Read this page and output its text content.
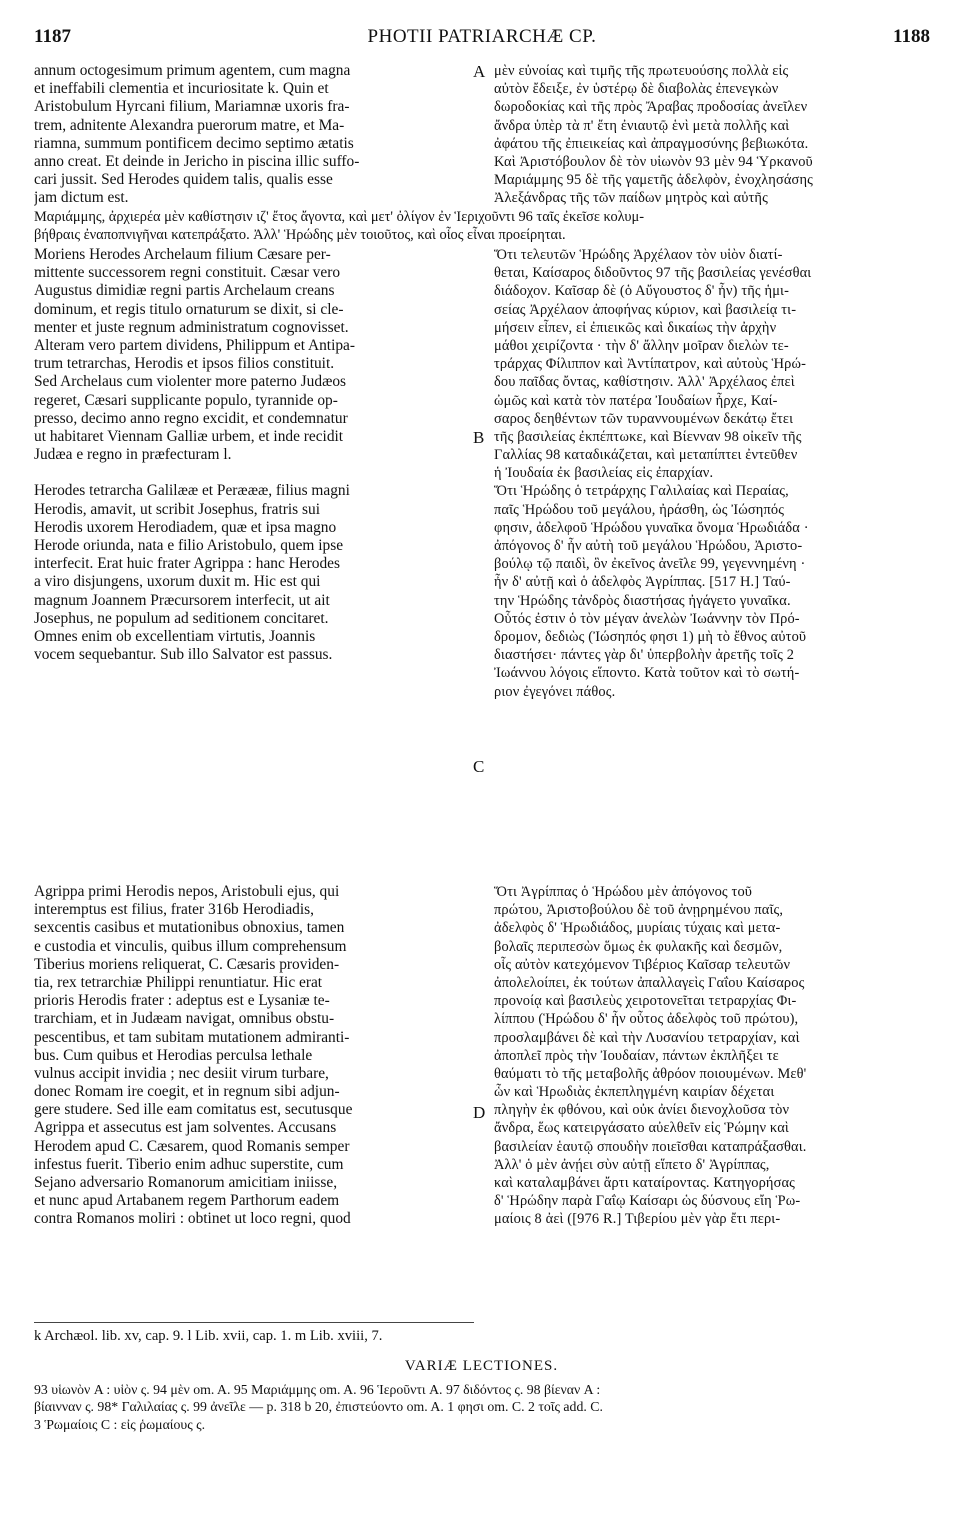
1187	PHOTII PATRIARCHÆ CP.	1188
annum octogesimum primum agentem, cum magna
et ineffabili clementia et incuriositate k. Quin et
Aristobulum Hyrcani filium, Mariamnæ uxoris fra-
trem, adnitente Alexandra puerorum matre, et Ma-
riamna, summum pontificem decimo septimo ætatis
anno creat. Et deinde in Jericho in piscina illic suffo-
cari jussit. Sed Herodes quidem talis, qualis esse
jam dictum est.
μὲν εὐνοίας καὶ τιμῆς τῆς πρωτευούσης πολλὰ εἰς
αὐτὸν ἔδειξε, ἐν ὑστέρῳ δὲ διαβολὰς ἐπενεγκὼν
δωροδοκίας καὶ τῆς πρὸς Ἄραβας προδοσίας ἀνεῖλεν
ἄνδρα ὑπὲρ τὰ π' ἔτη ἐνιαυτῷ ἑνὶ μετὰ πολλῆς καὶ
ἀφάτου τῆς ἐπιεικείας καὶ ἀπραγμοσύνης βεβιωκότα.
Καὶ Ἀριστόβουλον δὲ τὸν υἱωνὸν 93 μὲν 94 Ὑρκανοῦ
Μαριάμμης 95 δὲ τῆς γαμετῆς ἀδελφὸν, ἐνοχλησάσης
Ἀλεξάνδρας τῆς τῶν παίδων μητρὸς καὶ αὐτῆς
Μαριάμμης, ἀρχιερέα μὲν καθίστησιν ιζ' ἔτος ἄγοντα, καὶ μετ' ὀλίγον ἐν Ἱεριχοῦντι 96 ταῖς ἐκεῖσε κολυμ-
βήθραις ἐναποπνιγῆναι κατεπράξατο. Ἀλλ' Ἡρώδης μὲν τοιοῦτος, καὶ οἷος εἶναι προείρηται.
Moriens Herodes Archelaum filium Cæsare per-
mittente successorem regni constituit. Cæsar vero
Augustus dimidiæ regni partis Archelaum creans
dominum, et regis titulo ornaturum se dixit, si cle-
menter et juste regnum administratum cognovisset.
Alteram vero partem dividens, Philippum et Antipa-
trum tetrarchas, Herodis et ipsos filios constituit.
Sed Archelaus cum violenter more paterno Judæos
regeret, Cæsari supplicante populo, tyrannide op-
presso, decimo anno regno excidit, et condemnatur
ut habitaret Viennam Galliæ urbem, et inde recidit
Judæa e regno in præfecturam l.
Herodes tetrarcha Galilææ et Peræææ, filius magni
Herodis, amavit, ut scribit Josephus, fratris sui
Herodis uxorem Herodiadem, quæ et ipsa magno
Herode oriunda, nata e filio Aristobulo, quem ipse
interfecit. Erat huic frater Agrippa : hanc Herodes
a viro disjungens, uxorum duxit m. Hic est qui
magnum Joannem Præcursorem interfecit, ut ait
Josephus, ne populum ad seditionem concitaret.
Omnes enim ob excellentiam virtutis, Joannis
vocem sequebantur. Sub illo Salvator est passus.
Ὅτι τελευτῶν Ἡρώδης Ἀρχέλαον τὸν υἱὸν διατί-
θεται, Καίσαρος διδοῦντος 97 τῆς βασιλείας γενέσθαι
διάδοχον. Καῖσαρ δὲ (ὁ Αὔγουστος δ' ἦν) τῆς ἡμι-
σείας Ἀρχέλαον ἀποφήνας κύριον, καὶ βασιλείᾳ τι-
μήσειν εἶπεν, εἰ ἐπιεικῶς καὶ δικαίως τὴν ἀρχὴν
μάθοι χειρίζοντα · τὴν δ' ἄλλην μοῖραν διελὼν τε-
τράρχας Φίλιππον καὶ Ἀντίπατρον, καὶ αὐτοὺς Ἡρώ-
δου παῖδας ὄντας, καθίστησιν. Ἀλλ' Ἀρχέλαος ἐπεὶ
ὠμῶς καὶ κατὰ τὸν πατέρα Ἰουδαίων ἦρχε, Καί-
σαρος δεηθέντων τῶν τυραννουμένων δεκάτῳ ἔτει
τῆς βασιλείας ἐκπέπτωκε, καὶ Βίενναν 98 οἰκεῖν τῆς
Γαλλίας 98 καταδικάζεται, καὶ μεταπίπτει ἐντεῦθεν
ἡ Ἰουδαία ἐκ βασιλείας εἰς ἐπαρχίαν.
Ὅτι Ἡρώδης ὁ τετράρχης Γαλιλαίας καὶ Περαίας,
παῖς Ἡρώδου τοῦ μεγάλου, ἠράσθη, ὡς Ἰώσηπός
φησιν, ἀδελφοῦ Ἡρώδου γυναῖκα ὄνομα Ἡρωδιάδα ·
ἀπόγονος δ' ἦν αὐτὴ τοῦ μεγάλου Ἡρώδου, Ἀριστο-
βούλῳ τῷ παιδὶ, ὃν ἐκεῖνος ἀνεῖλε 99, γεγεννημένη ·
ἦν δ' αὐτῇ καὶ ὁ ἀδελφὸς Ἀγρίππας. [517 H.] Ταύ-
την Ἡρώδης τἀνδρὸς διαστήσας ἠγάγετο γυναῖκα.
Οὗτός ἐστιν ὁ τὸν μέγαν ἀνελὼν Ἰωάννην τὸν Πρό-
δρομον, δεδιὼς (Ἰώσηπός φησι 1) μὴ τὸ ἔθνος αὐτοῦ
διαστήσει· πάντες γὰρ δι' ὑπερβολὴν ἀρετῆς τοῖς 2
Ἰωάννου λόγοις εἵποντο. Κατὰ τοῦτον καὶ τὸ σωτή-
ριον ἐγεγόνει πάθος.
Agrippa primi Herodis nepos, Aristobuli ejus, qui
interemptus est filius, frater 316b Herodiadis,
sexcentis casibus et mutationibus obnoxius, tamen
e custodia et vinculis, quibus illum comprehensum
Tiberius moriens reliquerat, C. Cæsaris providen-
tia, rex tetrarchiæ Philippi renuntiatur. Hic erat
prioris Herodis frater : adeptus est e Lysaniæ te-
trarchiam, et in Judæam navigat, omnibus obstu-
pescentibus, et tam subitam mutationem admiranti-
bus. Cum quibus et Herodias perculsa lethale
vulnus accipit invidia ; nec desiit virum turbare,
donec Romam ire coegit, et in regnum sibi adjun-
gere studere. Sed ille eam comitatus est, secutusque
Agrippa et assecutus est jam solventes. Accusans
Herodem apud C. Cæsarem, quod Romanis semper
infestus fuerit. Tiberio enim adhuc superstite, cum
Sejano adversario Romanorum amicitiam iniisse,
et nunc apud Artabanem regem Parthorum eadem
contra Romanos moliri : obtinet ut loco regni, quod
Ὅτι Ἀγρίππας ὁ Ἡρώδου μὲν ἀπόγονος τοῦ
πρώτου, Ἀριστοβούλου δὲ τοῦ ἀνῃρημένου παῖς,
ἀδελφὸς δ' Ἡρωδιάδος, μυρίαις τύχαις καὶ μετα-
βολαῖς περιπεσὼν ὅμως ἐκ φυλακῆς καὶ δεσμῶν,
οἷς αὐτὸν κατεχόμενον Τιβέριος Καῖσαρ τελευτῶν
ἀπολελοίπει, ἐκ τούτων ἀπαλλαγεὶς Γαΐου Καίσαρος
προνοίᾳ καὶ βασιλεὺς χειροτονεῖται τετραρχίας Φι-
λίππου (Ἡρώδου δ' ἦν οὗτος ἀδελφὸς τοῦ πρώτου),
προσλαμβάνει δὲ καὶ τὴν Λυσανίου τετραρχίαν, καὶ
ἀποπλεῖ πρὸς τὴν Ἰουδαίαν, πάντων ἐκπλῆξει τε
θαύματι τὸ τῆς μεταβολῆς ἀθρόον ποιουμένων. Μεθ'
ὧν καὶ Ἡρωδιὰς ἐκπεπληγμένη καιρίαν δέχεται
πληγὴν ἐκ φθόνου, καὶ οὐκ ἀνίει διενοχλοῦσα τὸν
ἄνδρα, ἕως κατειργάσατο αὐελθεῖν εἰς Ῥώμην καὶ
βασιλείαν ἑαυτῷ σπουδὴν ποιεῖσθαι καταπράξασθαι.
Ἀλλ' ὁ μὲν ἀνῄει σὺν αὐτῇ εἵπετο δ' Ἀγρίππας,
καὶ καταλαμβάνει ἄρτι καταίροντας. Κατηγορήσας
δ' Ἡρώδην παρὰ Γαΐῳ Καίσαρι ὡς δύσνους εἴη Ῥω-
μαίοις 8 ἀεὶ ([976 R.] Τιβερίου μὲν γὰρ ἔτι περι-
A
B
C
D
k Archæol. lib. xv, cap. 9. l Lib. xvii, cap. 1. m Lib. xviii, 7.
VARIÆ LECTIONES.
93 υἱωνὸν A : υἱὸν ς. 94 μὲν om. A. 95 Μαριάμμης om. A. 96 Ἱεροῦντι A. 97 διδόντος ς. 98 βίεναν A :
βίαινναν ς. 98* Γαλιλαίας ς. 99 ἀνεῖλε — p. 318 b 20, ἐπιστεύοντο om. A. 1 φησι om. C. 2 τοῖς add. C.
3 Ῥωμαίοις C : εἰς ῥωμαίους ς.
